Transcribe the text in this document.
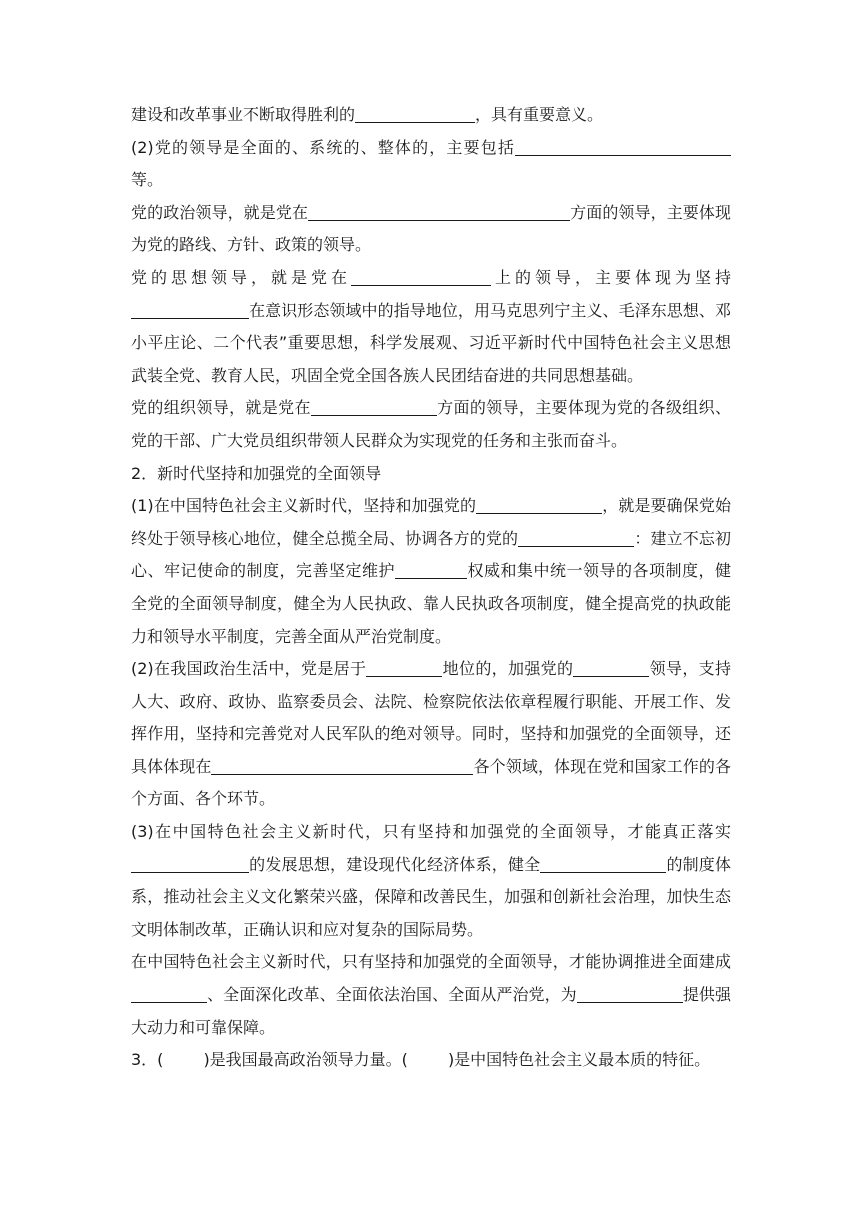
建设和改革事业不断取得胜利的	，具有重要意义。

(2)党的领导是全面的、系统的、整体的，主要包括等。

党的政治领导，就是党在	方面的领导，主要体现为党的路线、方针、政策的领导。

党的思想领导，就是党在	上的领导，主要体现为坚持在意识形态领域中的指导地位，用马克思列宁主义、毛泽东思想、邓小平庄论、二个代表”重要思想，科学发展观、习近平新时代中国特色社会主义思想武装全党、教育人民，巩固全党全国各族人民团结奋进的共同思想基础。

党的组织领导，就是党在	方面的领导，主要体现为党的各级组织、党的干部、广大党员组织带领人民群众为实现党的任务和主张而奋斗。

2．新时代坚持和加强党的全面领导

(1)在中国特色社会主义新时代，坚持和加强党的	，就是要确保党始终处于领导核心地位，健全总揽全局、协调各方的党的	：建立不忘初心、牢记使命的制度，完善坚定维护	权威和集中统一领导的各项制度，健全党的全面领导制度，健全为人民执政、靠人民执政各项制度，健全提高党的执政能力和领导水平制度，完善全面从严治党制度。

(2)在我国政治生活中，党是居于	地位的，加强党的	领导，支持人大、政府、政协、监察委员会、法院、检察院依法依章程履行职能、开展工作、发挥作用，坚持和完善党对人民军队的绝对领导。同时，坚持和加强党的全面领导，还具体体现在	各个领域，体现在党和国家工作的各个方面、各个环节。

(3)在中国特色社会主义新时代，只有坚持和加强党的全面领导，才能真正落实的发展思想，建设现代化经济体系，健全	的制度体系，推动社会主义文化繁荣兴盛，保障和改善民生，加强和创新社会治理，加快生态文明体制改革，正确认识和应对复杂的国际局势。

在中国特色社会主义新时代，只有坚持和加强党的全面领导，才能协调推进全面建成、全面深化改革、全面依法治国、全面从严治党，为	提供强大动力和可靠保障。

3．(	)是我国最高政治领导力量。(	)是中国特色社会主义最本质的特征。
